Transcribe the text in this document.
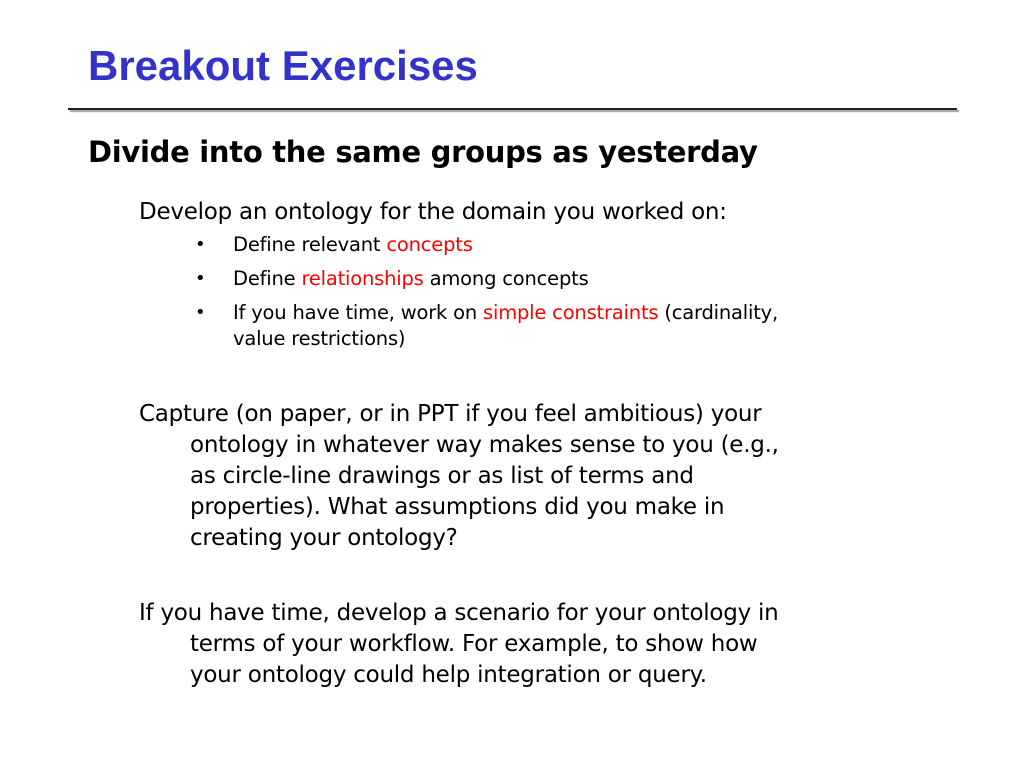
Breakout Exercises
Divide into the same groups as yesterday

Develop an ontology for the domain you worked on:

• Define relevant concepts
• Define relationships among concepts
• If you have time, work on simple constraints (cardinality,
value restrictions)

Capture (on paper, or in PPT if you feel ambitious) your
ontology in whatever way makes sense to you (e.g.,
as circle-line drawings or as list of terms and
properties). What assumptions did you make in
creating your ontology?

If you have time, develop a scenario for your ontology in
terms of your workflow. For example, to show how
your ontology could help integration or query.
